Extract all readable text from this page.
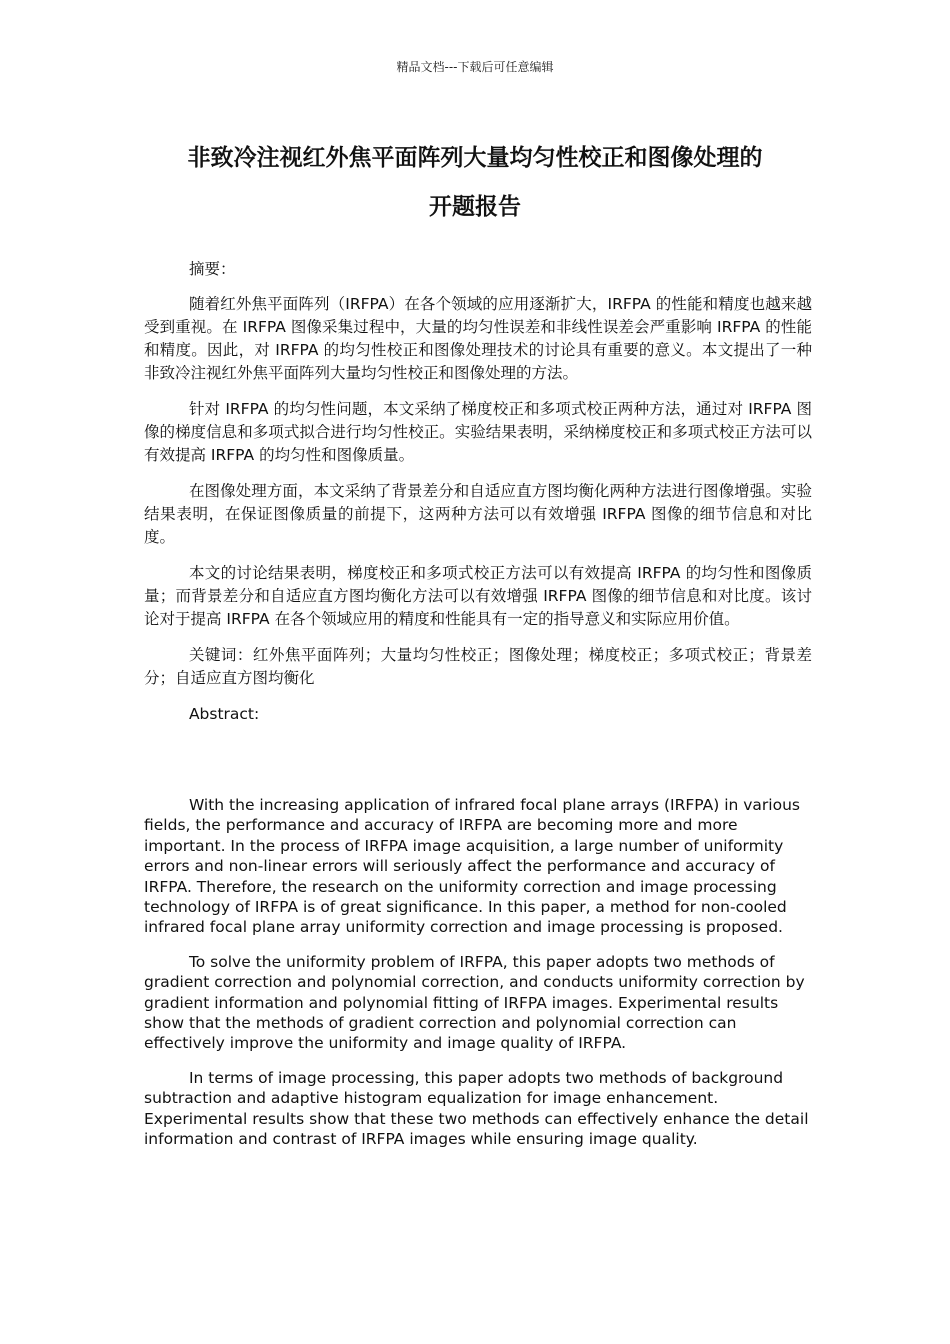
精品文档---下载后可任意编辑
非致冷注视红外焦平面阵列大量均匀性校正和图像处理的
开题报告

摘要：

随着红外焦平面阵列（IRFPA）在各个领域的应用逐渐扩大，IRFPA 的性能和精度也越来越受到重视。在 IRFPA 图像采集过程中，大量的均匀性误差和非线性误差会严重影响 IRFPA 的性能和精度。因此，对 IRFPA 的均匀性校正和图像处理技术的讨论具有重要的意义。本文提出了一种非致冷注视红外焦平面阵列大量均匀性校正和图像处理的方法。

针对 IRFPA 的均匀性问题，本文采纳了梯度校正和多项式校正两种方法，通过对 IRFPA 图像的梯度信息和多项式拟合进行均匀性校正。实验结果表明，采纳梯度校正和多项式校正方法可以有效提高 IRFPA 的均匀性和图像质量。

在图像处理方面，本文采纳了背景差分和自适应直方图均衡化两种方法进行图像增强。实验结果表明，在保证图像质量的前提下，这两种方法可以有效增强 IRFPA 图像的细节信息和对比度。

本文的讨论结果表明，梯度校正和多项式校正方法可以有效提高 IRFPA 的均匀性和图像质量；而背景差分和自适应直方图均衡化方法可以有效增强 IRFPA 图像的细节信息和对比度。该讨论对于提高 IRFPA 在各个领域应用的精度和性能具有一定的指导意义和实际应用价值。

关键词：红外焦平面阵列；大量均匀性校正；图像处理；梯度校正；多项式校正；背景差分；自适应直方图均衡化

Abstract:

With the increasing application of infrared focal plane arrays (IRFPA) in various fields, the performance and accuracy of IRFPA are becoming more and more important. In the process of IRFPA image acquisition, a large number of uniformity errors and non-linear errors will seriously affect the performance and accuracy of IRFPA. Therefore, the research on the uniformity correction and image processing technology of IRFPA is of great significance. In this paper, a method for non-cooled infrared focal plane array uniformity correction and image processing is proposed.

To solve the uniformity problem of IRFPA, this paper adopts two methods of gradient correction and polynomial correction, and conducts uniformity correction by gradient information and polynomial fitting of IRFPA images. Experimental results show that the methods of gradient correction and polynomial correction can effectively improve the uniformity and image quality of IRFPA.

In terms of image processing, this paper adopts two methods of background subtraction and adaptive histogram equalization for image enhancement. Experimental results show that these two methods can effectively enhance the detail information and contrast of IRFPA images while ensuring image quality.
